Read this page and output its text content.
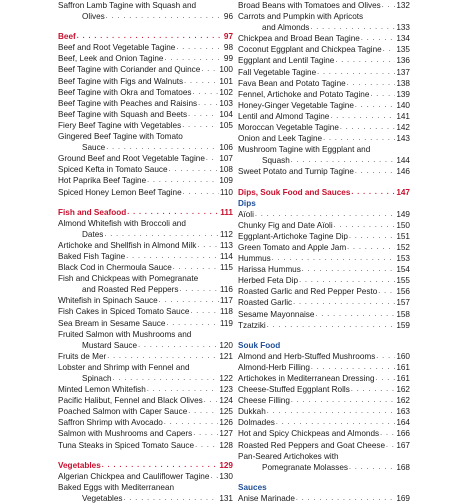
Saffron Lamb Tagine with Squash and
Olives . . .	96
Beef . . .	97
Beef and Root Vegetable Tagine . . .	98
Beef, Leek and Onion Tagine . . .	99
Beef Tagine with Coriander and Quince . . . 100
Beef Tagine with Figs and Walnuts . . .	101
Beef Tagine with Okra and Tomatoes . . .	102
Beef Tagine with Peaches and Raisins . . .	103
Beef Tagine with Squash and Beets . . .	104
Fiery Beef Tagine with Vegetables . . .	105
Gingered Beef Tagine with Tomato
Sauce . . .	106
Ground Beef and Root Vegetable Tagine . . . 107
Spiced Kefta in Tomato Sauce . . .	108
Hot Paprika Beef Tagine . . .	109
Spiced Honey Lemon Beef Tagine . . .	110
Fish and Seafood . . .	111
Almond Whitefish with Broccoli and
Dates . . .	112
Artichoke and Shellfish in Almond Milk . . .	113
Baked Fish Tagine . . .	114
Black Cod in Chermoula Sauce . . .	115
Fish and Chickpeas with Pomegranate
and Roasted Red Peppers . . .	116
Whitefish in Spinach Sauce . . .	117
Fish Cakes in Spiced Tomato Sauce . . .	118
Sea Bream in Sesame Sauce . . .	119
Fruited Salmon with Mushrooms and
Mustard Sauce . . .	120
Fruits de Mer . . .	121
Lobster and Shrimp with Fennel and
Spinach . . .	122
Minted Lemon Whitefish . . .	123
Pacific Halibut, Fennel and Black Olives . . . 124
Poached Salmon with Caper Sauce . . .	125
Saffron Shrimp with Avocado . . .	126
Salmon with Mushrooms and Capers . . .	127
Tuna Steaks in Spiced Tomato Sauce . . .	128
Vegetables . . .	129
Algerian Chickpea and Cauliflower Tagine . . . 130
Baked Eggs with Mediterranean
Vegetables . . .	131
Broad Beans with Tomatoes and Olives . . . 132
Carrots and Pumpkin with Apricots
and Almonds . . .	133
Chickpea and Broad Bean Tagine . . .	134
Coconut Eggplant and Chickpea Tagine . . . 135
Eggplant and Lentil Tagine . . .	136
Fall Vegetable Tagine . . .	137
Fava Bean and Potato Tagine . . .	138
Fennel, Artichoke and Potato Tagine . . .	139
Honey-Ginger Vegetable Tagine . . .	140
Lentil and Almond Tagine . . .	141
Moroccan Vegetable Tagine . . .	142
Onion and Leek Tagine . . .	143
Mushroom Tagine with Eggplant and
Squash . . .	144
Sweet Potato and Turnip Tagine . . .	146
Dips, Souk Food and Sauces . . .	147
Dips
Aïoli . . .	149
Chunky Fig and Date Aïoli . . .	150
Eggplant-Artichoke Tagine Dip . . .	151
Green Tomato and Apple Jam . . .	152
Hummus . . .	153
Harissa Hummus . . .	154
Herbed Feta Dip . . .	155
Roasted Garlic and Red Pepper Pesto . . . 156
Roasted Garlic . . .	157
Sesame Mayonnaise . . .	158
Tzatziki . . .	159
Souk Food
Almond and Herb-Stuffed Mushrooms . . .	160
Almond-Herb Filling . . .	161
Artichokes in Mediterranean Dressing . . .	161
Cheese-Stuffed Eggplant Rolls . . .	162
Cheese Filling . . .	162
Dukkah . . .	163
Dolmades . . .	164
Hot and Spicy Chickpeas and Almonds . . . 166
Roasted Red Peppers and Goat Cheese . . . 167
Pan-Seared Artichokes with
Pomegranate Molasses . . .	168
Sauces
Anise Marinade . . .	169
